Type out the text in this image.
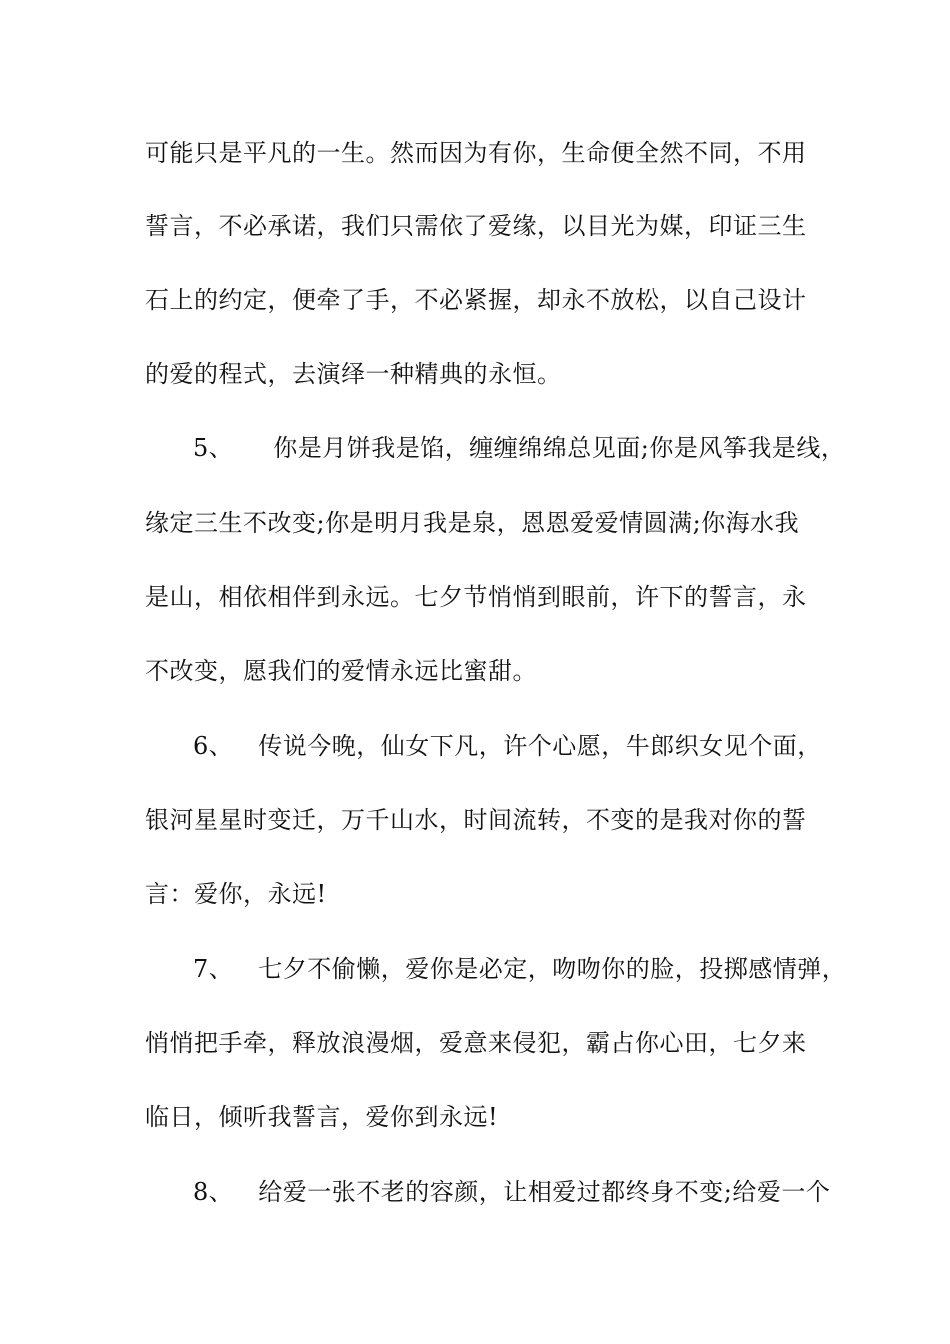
可能只是平凡的一生。然而因为有你，生命便全然不同，不用
誓言，不必承诺，我们只需依了爱缘，以目光为媒，印证三生
石上的约定，便牵了手，不必紧握，却永不放松，以自己设计
的爱的程式，去演绎一种精典的永恒。
5、 你是月饼我是馅，缠缠绵绵总见面;你是风筝我是线，
缘定三生不改变;你是明月我是泉，恩恩爱爱情圆满;你海水我
是山，相依相伴到永远。七夕节悄悄到眼前，许下的誓言，永
不改变，愿我们的爱情永远比蜜甜。
6、 传说今晚，仙女下凡，许个心愿，牛郎织女见个面，
银河星星时变迁，万千山水，时间流转，不变的是我对你的誓
言：爱你，永远!
7、 七夕不偷懒，爱你是必定，吻吻你的脸，投掷感情弹，
悄悄把手牵，释放浪漫烟，爱意来侵犯，霸占你心田，七夕来
临日，倾听我誓言，爱你到永远!
8、 给爱一张不老的容颜，让相爱过都终身不变;给爱一个
